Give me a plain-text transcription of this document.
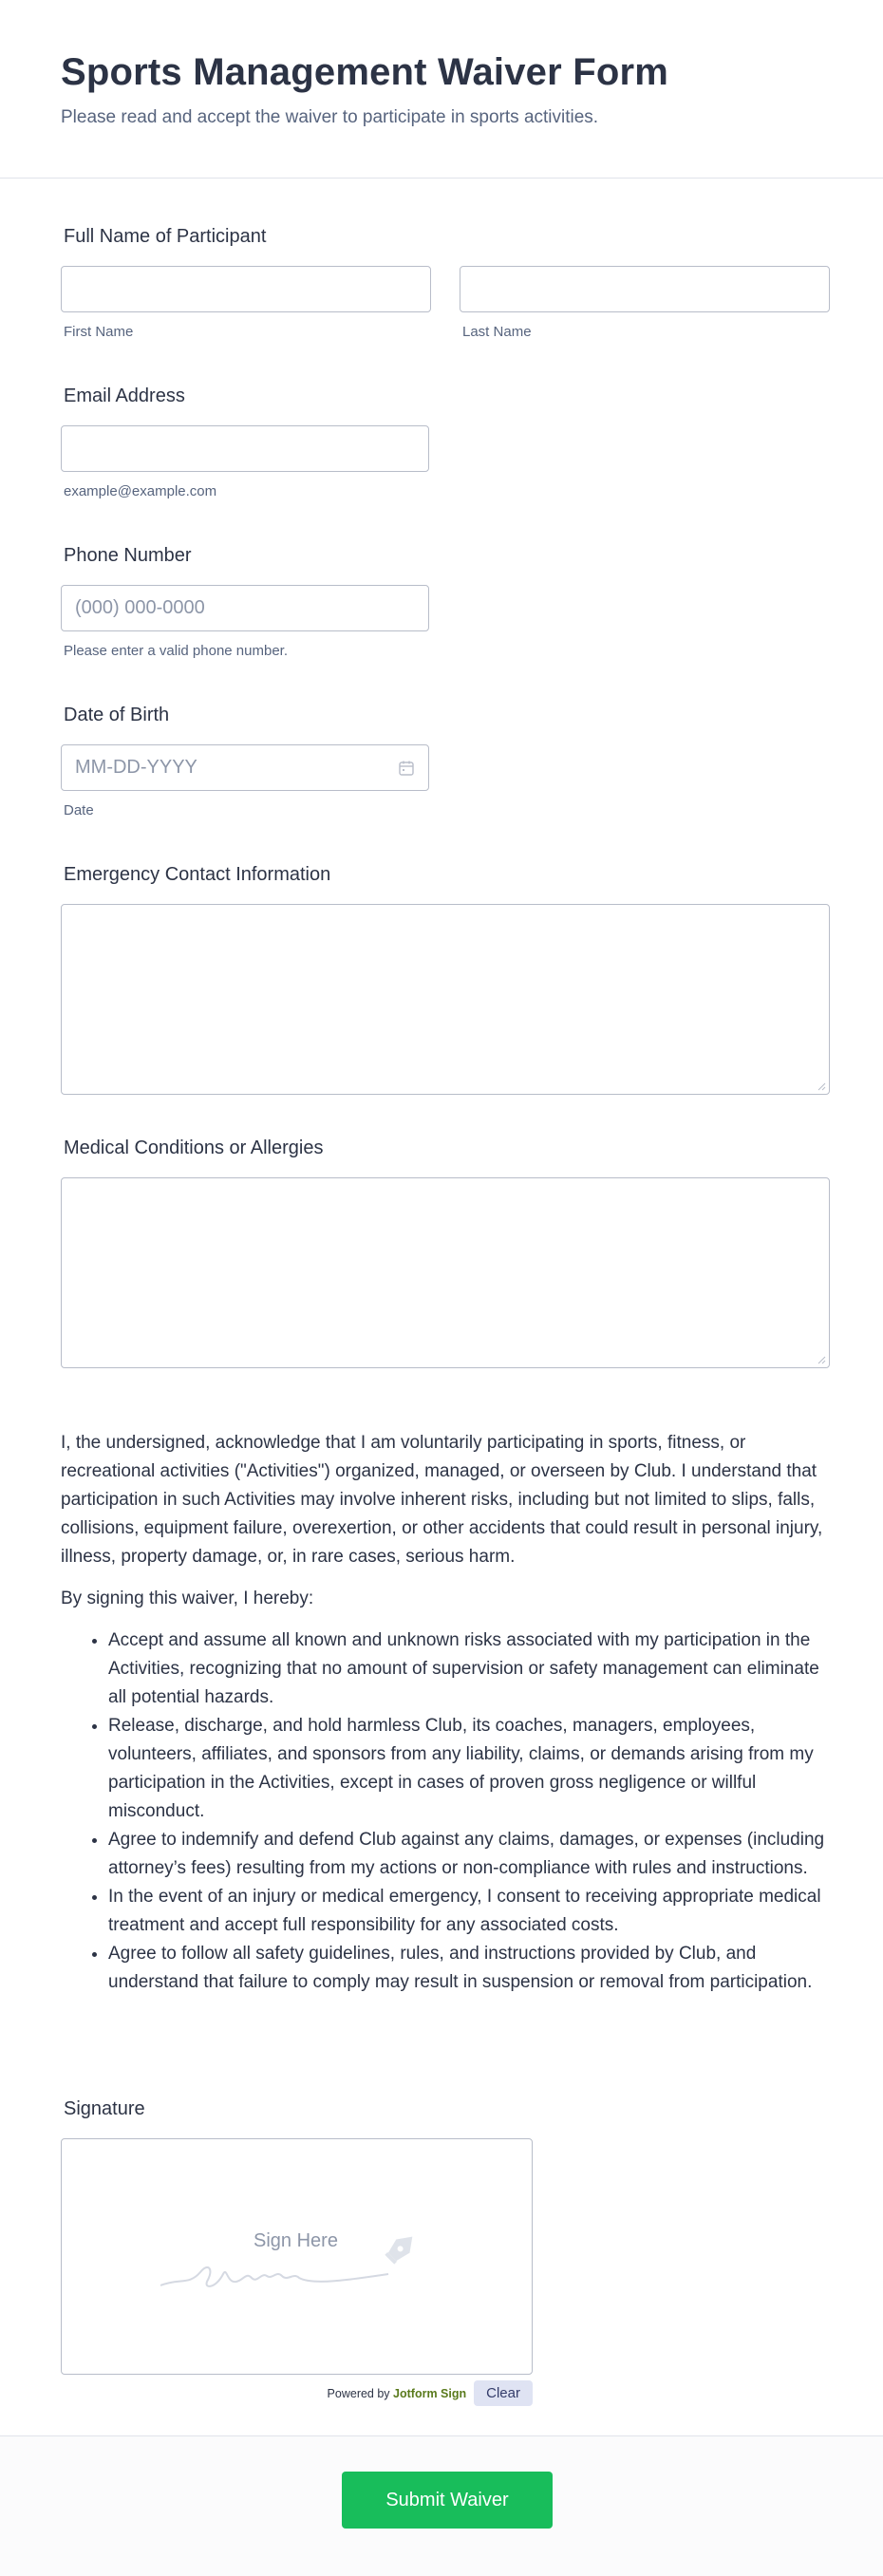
Sports Management Waiver Form
Please read and accept the waiver to participate in sports activities.
Full Name of Participant
First Name	Last Name
Email Address
example@example.com
Phone Number
(000) 000-0000
Please enter a valid phone number.
Date of Birth
MM-DD-YYYY
Date
Emergency Contact Information
Medical Conditions or Allergies

I, the undersigned, acknowledge that I am voluntarily participating in sports, fitness, or recreational activities ("Activities") organized, managed, or overseen by Club. I understand that participation in such Activities may involve inherent risks, including but not limited to slips, falls, collisions, equipment failure, overexertion, or other accidents that could result in personal injury, illness, property damage, or, in rare cases, serious harm.

By signing this waiver, I hereby:

• Accept and assume all known and unknown risks associated with my participation in the Activities, recognizing that no amount of supervision or safety management can eliminate all potential hazards.
• Release, discharge, and hold harmless Club, its coaches, managers, employees, volunteers, affiliates, and sponsors from any liability, claims, or demands arising from my participation in the Activities, except in cases of proven gross negligence or willful misconduct.
• Agree to indemnify and defend Club against any claims, damages, or expenses (including attorney’s fees) resulting from my actions or non-compliance with rules and instructions.
• In the event of an injury or medical emergency, I consent to receiving appropriate medical treatment and accept full responsibility for any associated costs.
• Agree to follow all safety guidelines, rules, and instructions provided by Club, and understand that failure to comply may result in suspension or removal from participation.
Signature
Sign Here
Powered by Jotform Sign	Clear
Submit Waiver
